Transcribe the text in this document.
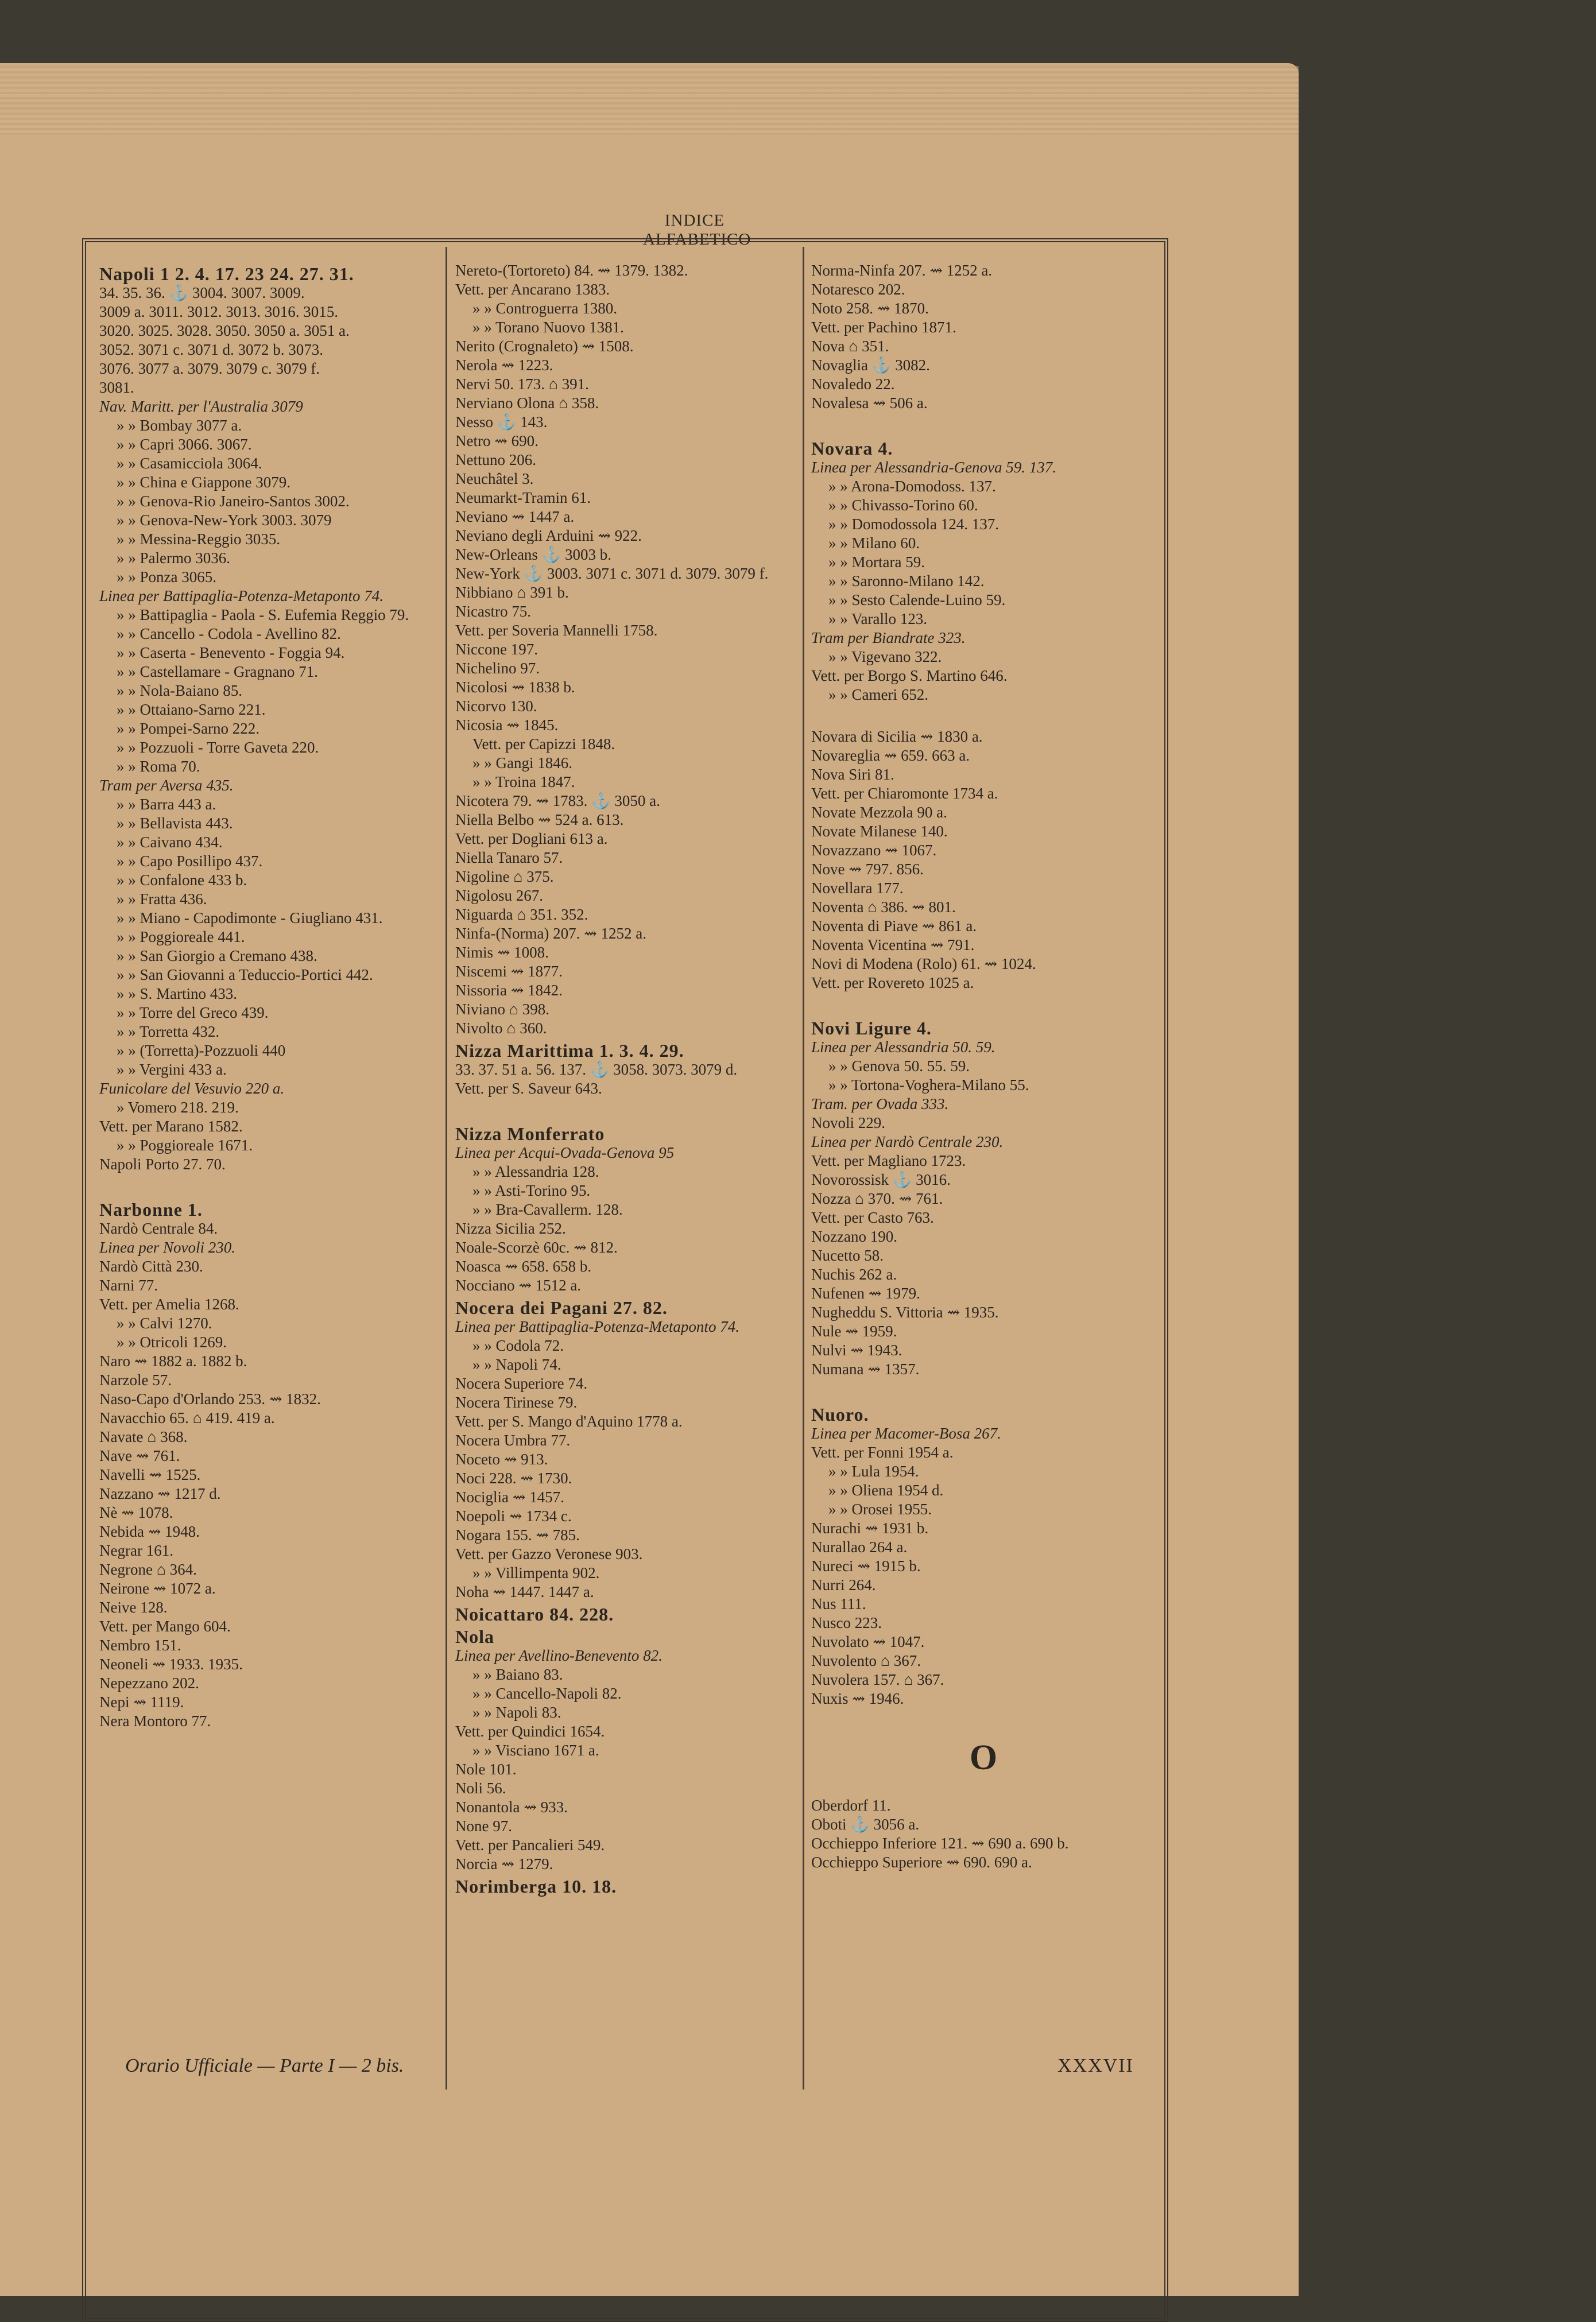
INDICE ALFABETICO
Napoli 1 2. 4. 17. 23 24. 27. 31.
34. 35. 36. ⚓ 3004. 3007. 3009.
3009 a. 3011. 3012. 3013. 3016. 3015.
3020. 3025. 3028. 3050. 3050 a. 3051 a.
3052. 3071 c. 3071 d. 3072 b. 3073.
3076. 3077 a. 3079. 3079 c. 3079 f.
3081.
Nav. Maritt. per l'Australia 3079
» » Bombay 3077 a.
» » Capri 3066. 3067.
» » Casamicciola 3064.
» » China e Giappone 3079.
» » Genova-Rio Janeiro-Santos 3002.
» » Genova-New-York 3003. 3079
» » Messina-Reggio 3035.
» » Palermo 3036.
» » Ponza 3065.
Linea per Battipaglia-Potenza-Metaponto 74.
» » Battipaglia - Paola - S. Eufemia Reggio 79.
» » Cancello - Codola - Avellino 82.
» » Caserta - Benevento - Foggia 94.
» » Castellamare - Gragnano 71.
» » Nola-Baiano 85.
» » Ottaiano-Sarno 221.
» » Pompei-Sarno 222.
» » Pozzuoli - Torre Gaveta 220.
» » Roma 70.
Tram per Aversa 435.
» » Barra 443 a.
» » Bellavista 443.
» » Caivano 434.
» » Capo Posillipo 437.
» » Confalone 433 b.
» » Fratta 436.
» » Miano - Capodimonte - Giugliano 431.
» » Poggioreale 441.
» » San Giorgio a Cremano 438.
» » San Giovanni a Teduccio-Portici 442.
» » S. Martino 433.
» » Torre del Greco 439.
» » Torretta 432.
» » (Torretta)-Pozzuoli 440
» » Vergini 433 a.
Funicolare del Vesuvio 220 a.
» Vomero 218. 219.
Vett. per Marano 1582.
» » Poggioreale 1671.
Napoli Porto 27. 70.
Narbonne 1.
Nardò Centrale 84.
Linea per Novoli 230.
Nardò Città 230.
Narni 77.
Vett. per Amelia 1268.
» » Calvi 1270.
» » Otricoli 1269.
Naro ⇝ 1882 a. 1882 b.
Narzole 57.
Naso-Capo d'Orlando 253. ⇝ 1832.
Navacchio 65. ⌂ 419. 419 a.
Navate ⌂ 368.
Nave ⇝ 761.
Navelli ⇝ 1525.
Nazzano ⇝ 1217 d.
Nè ⇝ 1078.
Nebida ⇝ 1948.
Negrar 161.
Negrone ⌂ 364.
Neirone ⇝ 1072 a.
Neive 128.
Vett. per Mango 604.
Nembro 151.
Neoneli ⇝ 1933. 1935.
Nepezzano 202.
Nepi ⇝ 1119.
Nera Montoro 77.
Nereto-(Tortoreto) 84. ⇝ 1379. 1382.
Vett. per Ancarano 1383.
» » Controguerra 1380.
» » Torano Nuovo 1381.
Nerito (Crognaleto) ⇝ 1508.
Nerola ⇝ 1223.
Nervi 50. 173. ⌂ 391.
Nerviano Olona ⌂ 358.
Nesso ⚓ 143.
Netro ⇝ 690.
Nettuno 206.
Neuchâtel 3.
Neumarkt-Tramin 61.
Neviano ⇝ 1447 a.
Neviano degli Arduini ⇝ 922.
New-Orleans ⚓ 3003 b.
New-York ⚓ 3003. 3071 c. 3071 d. 3079. 3079 f.
Nibbiano ⌂ 391 b.
Nicastro 75.
Vett. per Soveria Mannelli 1758.
Niccone 197.
Nichelino 97.
Nicolosi ⇝ 1838 b.
Nicorvo 130.
Nicosia ⇝ 1845.
Vett. per Capizzi 1848.
» » Gangi 1846.
» » Troina 1847.
Nicotera 79. ⇝ 1783. ⚓ 3050 a.
Niella Belbo ⇝ 524 a. 613.
Vett. per Dogliani 613 a.
Niella Tanaro 57.
Nigoline ⌂ 375.
Nigolosu 267.
Niguarda ⌂ 351. 352.
Ninfa-(Norma) 207. ⇝ 1252 a.
Nimis ⇝ 1008.
Niscemi ⇝ 1877.
Nissoria ⇝ 1842.
Niviano ⌂ 398.
Nivolto ⌂ 360.
Nizza Marittima 1. 3. 4. 29.
33. 37. 51 a. 56. 137. ⚓ 3058. 3073. 3079 d.
Vett. per S. Saveur 643.
Nizza Monferrato
Linea per Acqui-Ovada-Genova 95
» » Alessandria 128.
» » Asti-Torino 95.
» » Bra-Cavallerm. 128.
Nizza Sicilia 252.
Noale-Scorzè 60c. ⇝ 812.
Noasca ⇝ 658. 658 b.
Nocciano ⇝ 1512 a.
Nocera dei Pagani 27. 82.
Linea per Battipaglia-Potenza-Metaponto 74.
» » Codola 72.
» » Napoli 74.
Nocera Superiore 74.
Nocera Tirinese 79.
Vett. per S. Mango d'Aquino 1778 a.
Nocera Umbra 77.
Noceto ⇝ 913.
Noci 228. ⇝ 1730.
Nociglia ⇝ 1457.
Noepoli ⇝ 1734 c.
Nogara 155. ⇝ 785.
Vett. per Gazzo Veronese 903.
» » Villimpenta 902.
Noha ⇝ 1447. 1447 a.
Noicattaro 84. 228.
Nola
Linea per Avellino-Benevento 82.
» » Baiano 83.
» » Cancello-Napoli 82.
» » Napoli 83.
Vett. per Quindici 1654.
» » Visciano 1671 a.
Nole 101.
Noli 56.
Nonantola ⇝ 933.
None 97.
Vett. per Pancalieri 549.
Norcia ⇝ 1279.
Norimberga 10. 18.
Norma-Ninfa 207. ⇝ 1252 a.
Notaresco 202.
Noto 258. ⇝ 1870.
Vett. per Pachino 1871.
Nova ⌂ 351.
Novaglia ⚓ 3082.
Novaledo 22.
Novalesa ⇝ 506 a.
Novara 4.
Linea per Alessandria-Genova 59. 137.
» » Arona-Domodoss. 137.
» » Chivasso-Torino 60.
» » Domodossola 124. 137.
» » Milano 60.
» » Mortara 59.
» » Saronno-Milano 142.
» » Sesto Calende-Luino 59.
» » Varallo 123.
Tram per Biandrate 323.
» » Vigevano 322.
Vett. per Borgo S. Martino 646.
» » Cameri 652.
Novara di Sicilia ⇝ 1830 a.
Novareglia ⇝ 659. 663 a.
Nova Siri 81.
Vett. per Chiaromonte 1734 a.
Novate Mezzola 90 a.
Novate Milanese 140.
Novazzano ⇝ 1067.
Nove ⇝ 797. 856.
Novellara 177.
Noventa ⌂ 386. ⇝ 801.
Noventa di Piave ⇝ 861 a.
Noventa Vicentina ⇝ 791.
Novi di Modena (Rolo) 61. ⇝ 1024.
Vett. per Rovereto 1025 a.
Novi Ligure 4.
Linea per Alessandria 50. 59.
» » Genova 50. 55. 59.
» » Tortona-Voghera-Milano 55.
Tram. per Ovada 333.
Novoli 229.
Linea per Nardò Centrale 230.
Vett. per Magliano 1723.
Novorossisk ⚓ 3016.
Nozza ⌂ 370. ⇝ 761.
Vett. per Casto 763.
Nozzano 190.
Nucetto 58.
Nuchis 262 a.
Nufenen ⇝ 1979.
Nugheddu S. Vittoria ⇝ 1935.
Nule ⇝ 1959.
Nulvi ⇝ 1943.
Numana ⇝ 1357.
Nuoro.
Linea per Macomer-Bosa 267.
Vett. per Fonni 1954 a.
» » Lula 1954.
» » Oliena 1954 d.
» » Orosei 1955.
Nurachi ⇝ 1931 b.
Nurallao 264 a.
Nureci ⇝ 1915 b.
Nurri 264.
Nus 111.
Nusco 223.
Nuvolato ⇝ 1047.
Nuvolento ⌂ 367.
Nuvolera 157. ⌂ 367.
Nuxis ⇝ 1946.
O
Oberdorf 11.
Oboti ⚓ 3056 a.
Occhieppo Inferiore 121. ⇝ 690 a. 690 b.
Occhieppo Superiore ⇝ 690. 690 a.
Orario Ufficiale — Parte I — 2 bis.	XXXVII
